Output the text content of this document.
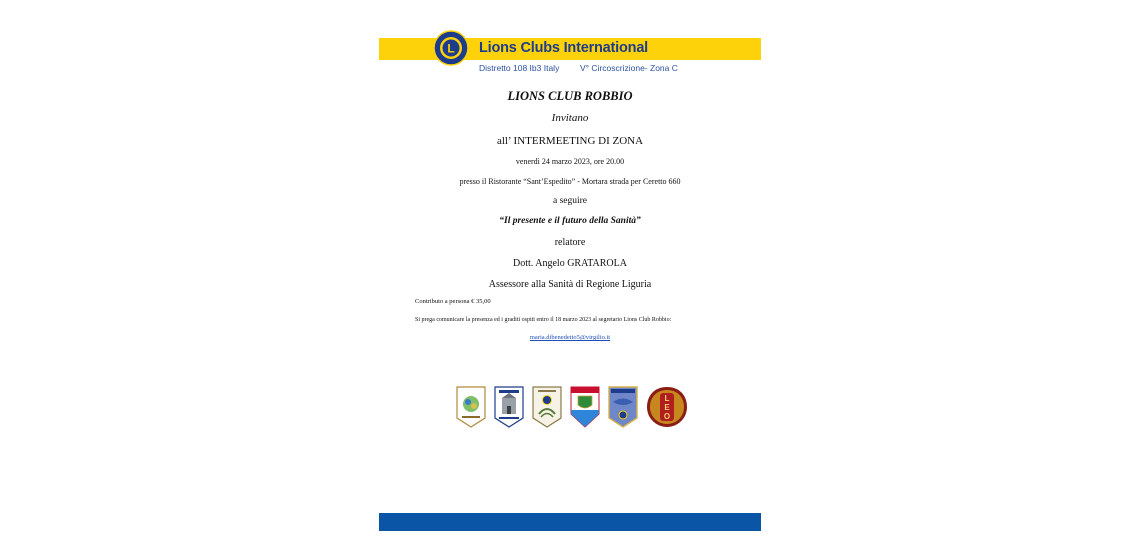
L Lions Clubs International
Distretto 108 Ib3 Italy V° Circoscrizione- Zona C
LIONS CLUB ROBBIO
Invitano
all’ INTERMEETING DI ZONA
venerdì 24 marzo 2023, ore 20.00
presso il Ristorante “Sant’Espedito” - Mortara strada per Ceretto 660
a seguire
“Il presente e il futuro della Sanità”
relatore
Dott. Angelo GRATAROLA
Assessore alla Sanità di Regione Liguria
Contributo a persona € 35,00
Si prega comunicare la presenza ed i graditi ospiti entro il 18 marzo 2023 al segretario Lions Club Robbio:
maria.dibenedetto5@virgilio.it
L
E
O
